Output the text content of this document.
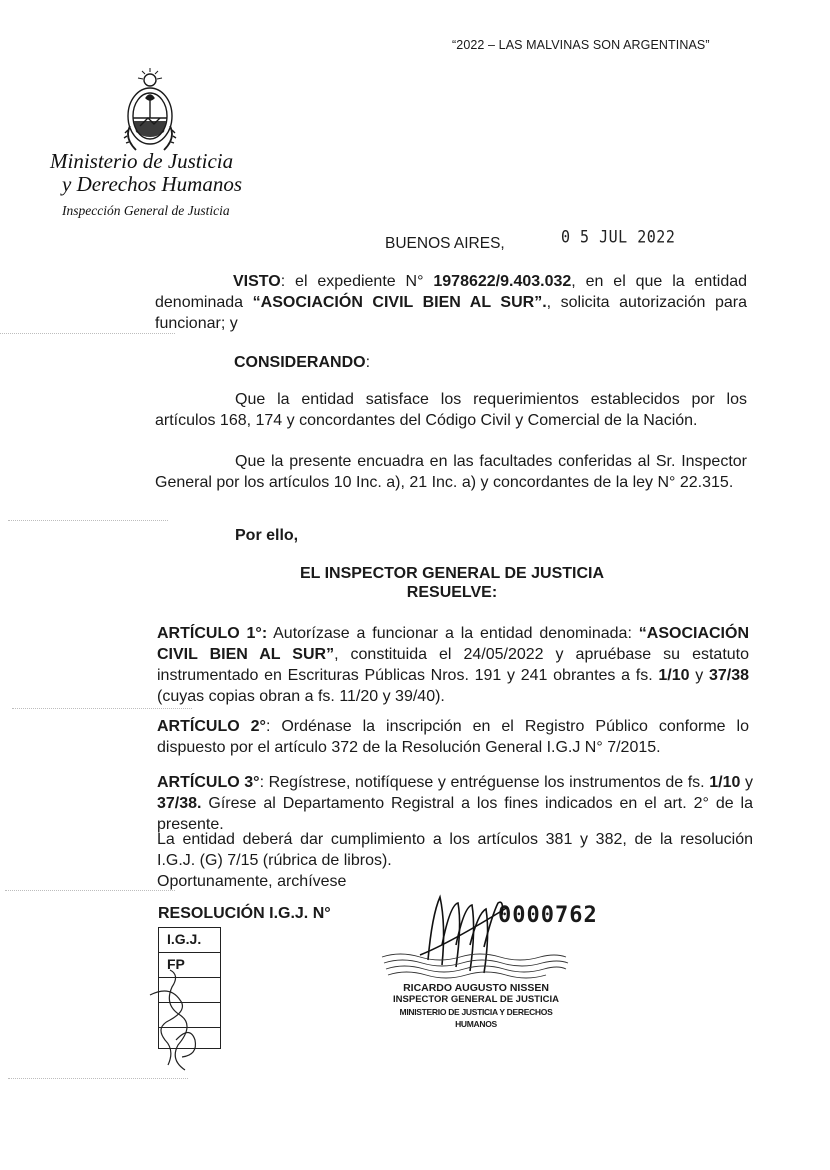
“2022 – LAS MALVINAS SON ARGENTINAS”
Ministerio de Justicia
y Derechos Humanos
Inspección General de Justicia
BUENOS AIRES,	0 5 JUL 2022
VISTO: el expediente N° 1978622/9.403.032, en el que la entidad denominada “ASOCIACIÓN CIVIL BIEN AL SUR”., solicita autorización para funcionar; y
CONSIDERANDO:
Que la entidad satisface los requerimientos establecidos por los artículos 168, 174 y concordantes del Código Civil y Comercial de la Nación.
Que la presente encuadra en las facultades conferidas al Sr. Inspector General por los artículos 10 Inc. a), 21 Inc. a) y concordantes de la ley N° 22.315.
Por ello,
EL INSPECTOR GENERAL DE JUSTICIA
RESUELVE:
ARTÍCULO 1°: Autorízase a funcionar a la entidad denominada: “ASOCIACIÓN CIVIL BIEN AL SUR”, constituida el 24/05/2022 y apruébase su estatuto instrumentado en Escrituras Públicas Nros. 191 y 241 obrantes a fs. 1/10 y 37/38 (cuyas copias obran a fs. 11/20 y 39/40).
ARTÍCULO 2°: Ordénase la inscripción en el Registro Público conforme lo dispuesto por el artículo 372 de la Resolución General I.G.J N° 7/2015.
ARTÍCULO 3°: Regístrese, notifíquese y entréguense los instrumentos de fs. 1/10 y 37/38. Gírese al Departamento Registral a los fines indicados en el art. 2° de la presente.
La entidad deberá dar cumplimiento a los artículos 381 y 382, de la resolución I.G.J. (G) 7/15 (rúbrica de libros).
Oportunamente, archívese
RESOLUCIÓN I.G.J. N°	0000762
I.G.J.
FP
RICARDO AUGUSTO NISSEN
INSPECTOR GENERAL DE JUSTICIA
MINISTERIO DE JUSTICIA Y DERECHOS HUMANOS
